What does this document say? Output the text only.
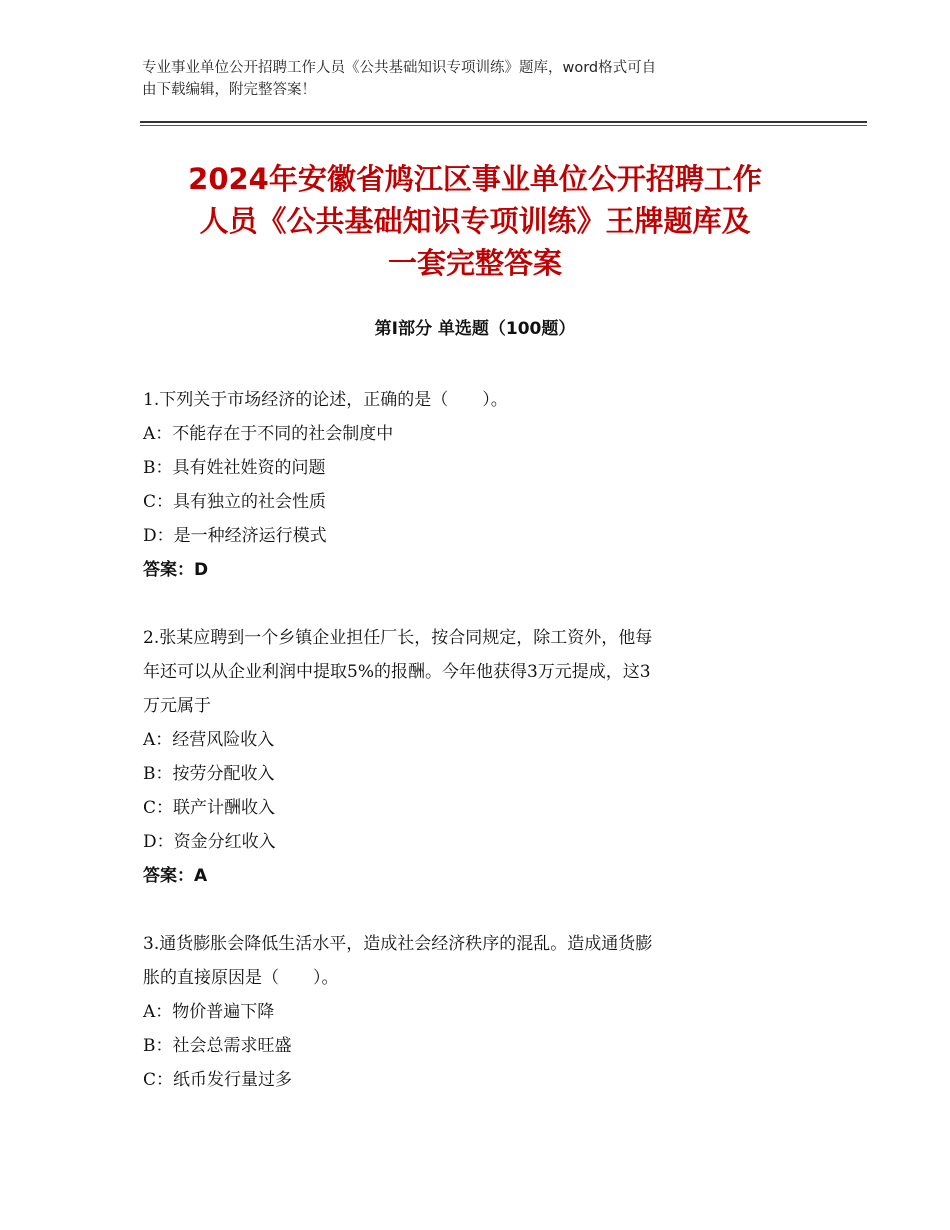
专业事业单位公开招聘工作人员《公共基础知识专项训练》题库，word格式可自
由下载编辑，附完整答案！
2024年安徽省鸠江区事业单位公开招聘工作
人员《公共基础知识专项训练》王牌题库及
一套完整答案
第Ⅰ部分 单选题（100题）

1.下列关于市场经济的论述，正确的是（　　）。

A：不能存在于不同的社会制度中

B：具有姓社姓资的问题

C：具有独立的社会性质

D：是一种经济运行模式

答案：D

2.张某应聘到一个乡镇企业担任厂长，按合同规定，除工资外，他每

年还可以从企业利润中提取5%的报酬。今年他获得3万元提成，这3

万元属于

A：经营风险收入

B：按劳分配收入

C：联产计酬收入

D：资金分红收入

答案：A

3.通货膨胀会降低生活水平，造成社会经济秩序的混乱。造成通货膨

胀的直接原因是（　　）。

A：物价普遍下降

B：社会总需求旺盛

C：纸币发行量过多
